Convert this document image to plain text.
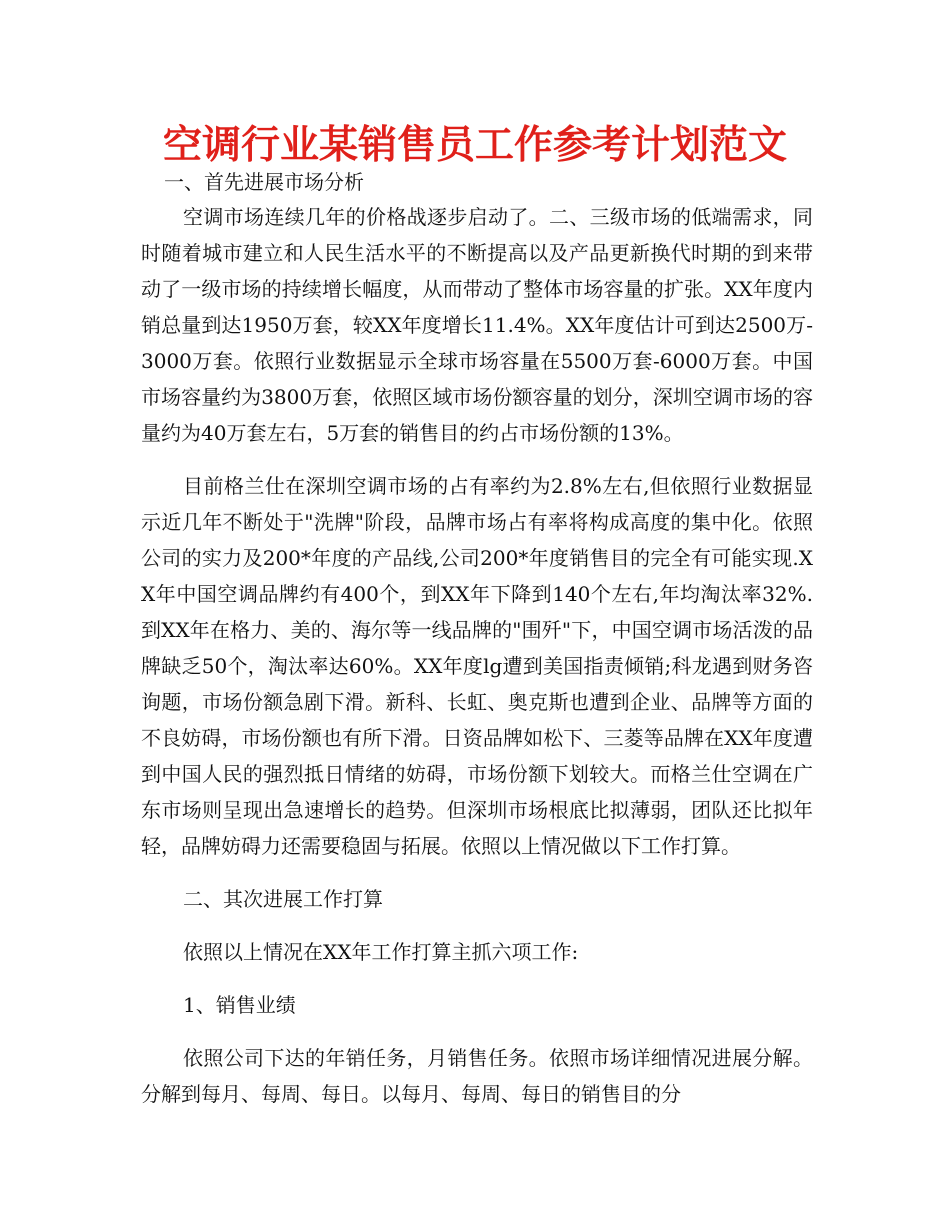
空调行业某销售员工作参考计划范文

一、首先进展市场分析

空调市场连续几年的价格战逐步启动了。二、三级市场的低端需求，同时随着城市建立和人民生活水平的不断提高以及产品更新换代时期的到来带动了一级市场的持续增长幅度，从而带动了整体市场容量的扩张。XX年度内销总量到达1950万套，较XX年度增长11.4%。XX年度估计可到达2500万-3000万套。依照行业数据显示全球市场容量在5500万套-6000万套。中国市场容量约为3800万套，依照区域市场份额容量的划分，深圳空调市场的容量约为40万套左右，5万套的销售目的约占市场份额的13%。

目前格兰仕在深圳空调市场的占有率约为2.8%左右,但依照行业数据显示近几年不断处于"洗牌"阶段，品牌市场占有率将构成高度的集中化。依照公司的实力及200*年度的产品线,公司200*年度销售目的完全有可能实现.XX年中国空调品牌约有400个，到XX年下降到140个左右,年均淘汰率32%.到XX年在格力、美的、海尔等一线品牌的"围歼"下，中国空调市场活泼的品牌缺乏50个，淘汰率达60%。XX年度lg遭到美国指责倾销;科龙遇到财务咨询题，市场份额急剧下滑。新科、长虹、奥克斯也遭到企业、品牌等方面的不良妨碍，市场份额也有所下滑。日资品牌如松下、三菱等品牌在XX年度遭到中国人民的强烈抵日情绪的妨碍，市场份额下划较大。而格兰仕空调在广东市场则呈现出急速增长的趋势。但深圳市场根底比拟薄弱，团队还比拟年轻，品牌妨碍力还需要稳固与拓展。依照以上情况做以下工作打算。

二、其次进展工作打算

依照以上情况在XX年工作打算主抓六项工作:

1、销售业绩

依照公司下达的年销任务，月销售任务。依照市场详细情况进展分解。分解到每月、每周、每日。以每月、每周、每日的销售目的分
